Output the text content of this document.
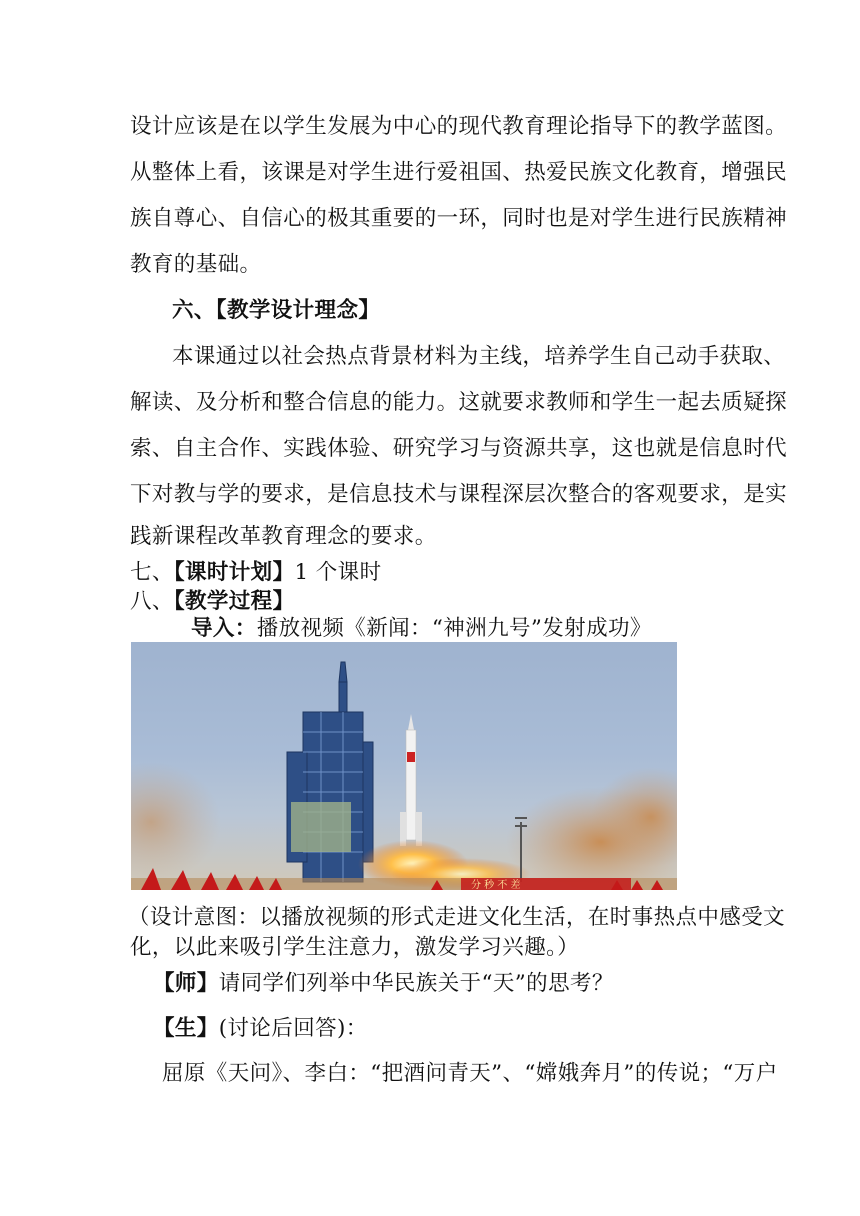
设计应该是在以学生发展为中心的现代教育理论指导下的教学蓝图。
从整体上看，该课是对学生进行爱祖国、热爱民族文化教育，增强民
族自尊心、自信心的极其重要的一环，同时也是对学生进行民族精神
教育的基础。
六、【教学设计理念】
本课通过以社会热点背景材料为主线，培养学生自己动手获取、
解读、及分析和整合信息的能力。这就要求教师和学生一起去质疑探
索、自主合作、实践体验、研究学习与资源共享，这也就是信息时代
下对教与学的要求，是信息技术与课程深层次整合的客观要求，是实
践新课程改革教育理念的要求。
七、【课时计划】1 个课时
八、【教学过程】
导入：播放视频《新闻：“神洲九号”发射成功》
分 秒 不 差
（设计意图：以播放视频的形式走进文化生活，在时事热点中感受文
化，以此来吸引学生注意力，激发学习兴趣。）
【师】请同学们列举中华民族关于“天”的思考？
【生】(讨论后回答)：
屈原《天问》、李白：“把酒问青天”、“嫦娥奔月”的传说；“万户
